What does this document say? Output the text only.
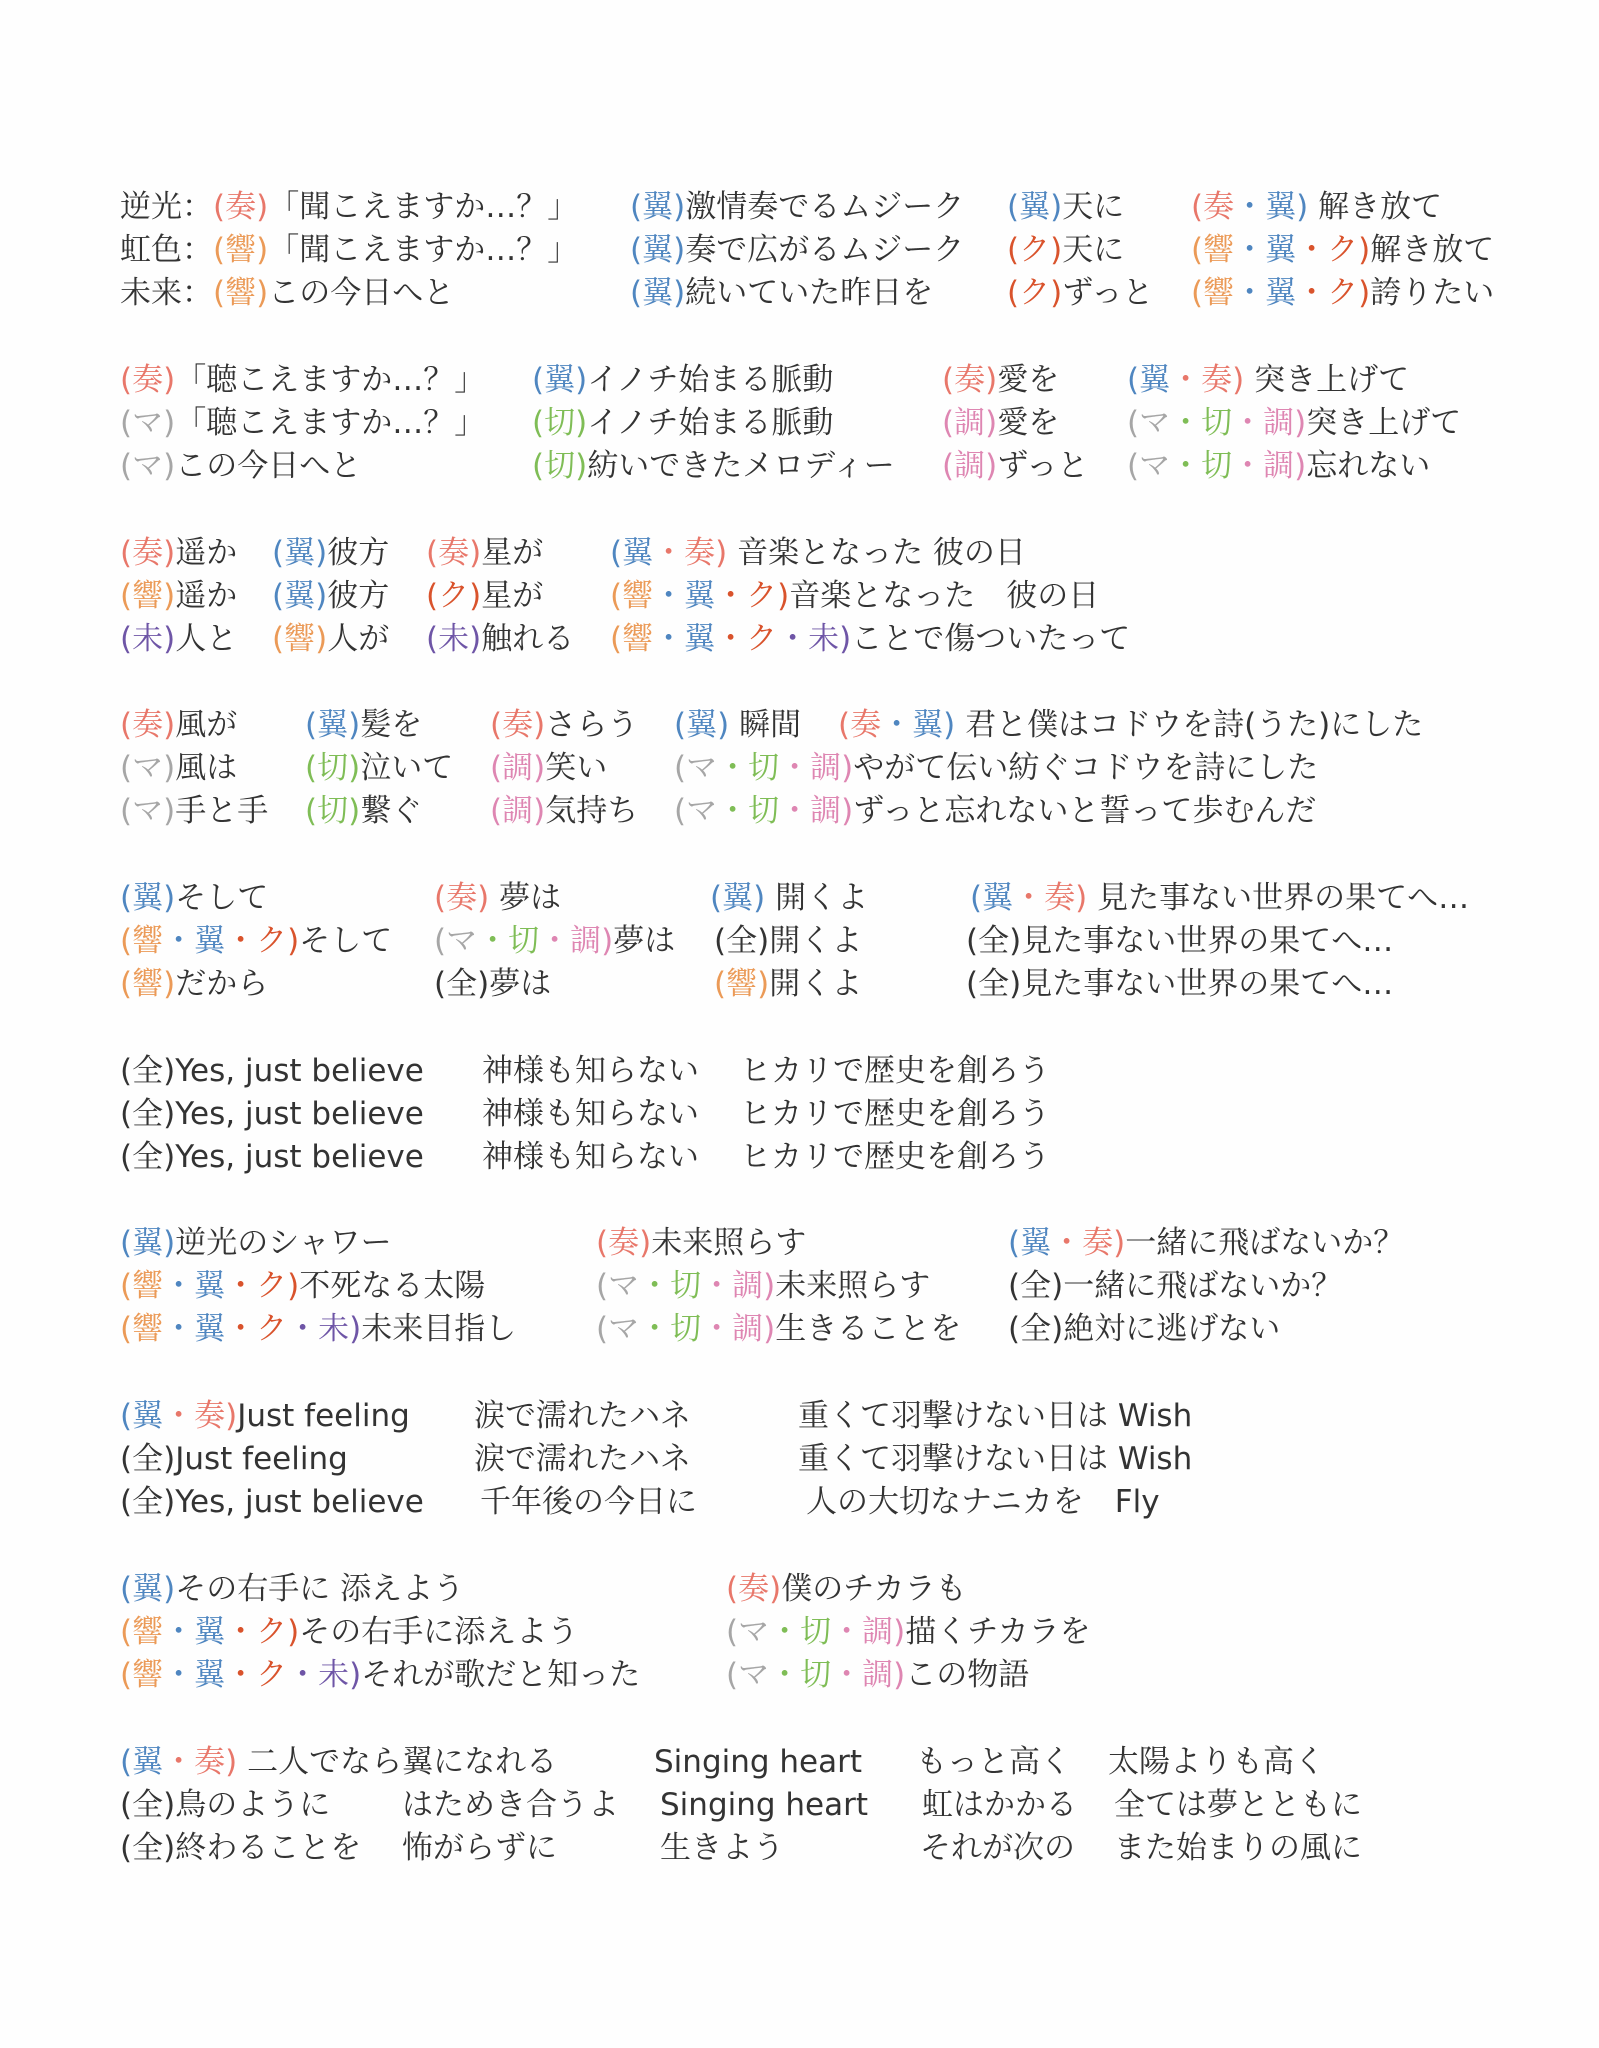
逆光：(奏)「聞こえますか…？」 (翼)激情奏でるムジーク (翼)天に (奏・翼) 解き放て
虹色：(響)「聞こえますか…？」 (翼)奏で広がるムジーク (ク)天に (響・翼・ク)解き放て
未来：(響)この今日へと	(翼)続いていた昨日を (ク)ずっと (響・翼・ク)誇りたい
(奏)「聴こえますか…？」 (翼)イノチ始まる脈動	(奏)愛を (翼・奏) 突き上げて
(マ)「聴こえますか…？」 (切)イノチ始まる脈動	(調)愛を (マ・切・調)突き上げて
(マ)この今日へと	(切)紡いできたメロディー (調)ずっと (マ・切・調)忘れない
(奏)遥か (翼)彼方 (奏)星が (翼・奏) 音楽となった 彼の日
(響)遥か (翼)彼方 (ク)星が (響・翼・ク)音楽となった　彼の日
(未)人と (響)人が (未)触れる (響・翼・ク・未)ことで傷ついたって
(奏)風が (翼)髪を (奏)さらう (翼) 瞬間 (奏・翼) 君と僕はコドウを詩(うた)にした
(マ)風は (切)泣いて (調)笑い (マ・切・調)やがて伝い紡ぐコドウを詩にした
(マ)手と手 (切)繋ぐ (調)気持ち (マ・切・調)ずっと忘れないと誓って歩むんだ
(翼)そして	(奏) 夢は	(翼) 開くよ	(翼・奏) 見た事ない世界の果てへ…
(響・翼・ク)そして (マ・切・調)夢は (全)開くよ	(全)見た事ない世界の果てへ…
(響)だから	(全)夢は	(響)開くよ	(全)見た事ない世界の果てへ…
(全)Yes, just believe 神様も知らない ヒカリで歴史を創ろう
(全)Yes, just believe 神様も知らない ヒカリで歴史を創ろう
(全)Yes, just believe 神様も知らない ヒカリで歴史を創ろう
(翼)逆光のシャワー	(奏)未来照らす	(翼・奏)一緒に飛ばないか？
(響・翼・ク)不死なる太陽	(マ・切・調)未来照らす	(全)一緒に飛ばないか？
(響・翼・ク・未)未来目指し	(マ・切・調)生きることを (全)絶対に逃げない
(翼・奏)Just feeling 涙で濡れたハネ	重くて羽撃けない日は Wish
(全)Just feeling	涙で濡れたハネ	重くて羽撃けない日は Wish
(全)Yes, just believe 千年後の今日に	人の大切なナニカを　Fly
(翼)その右手に 添えよう	(奏)僕のチカラも
(響・翼・ク)その右手に添えよう	(マ・切・調)描くチカラを
(響・翼・ク・未)それが歌だと知った	(マ・切・調)この物語
(翼・奏) 二人でなら翼になれる	Singing heart もっと高く 太陽よりも高く
(全)鳥のように はためき合うよ Singing heart 虹はかかる 全ては夢とともに
(全)終わることを 怖がらずに	生きよう	それが次の また始まりの風に
